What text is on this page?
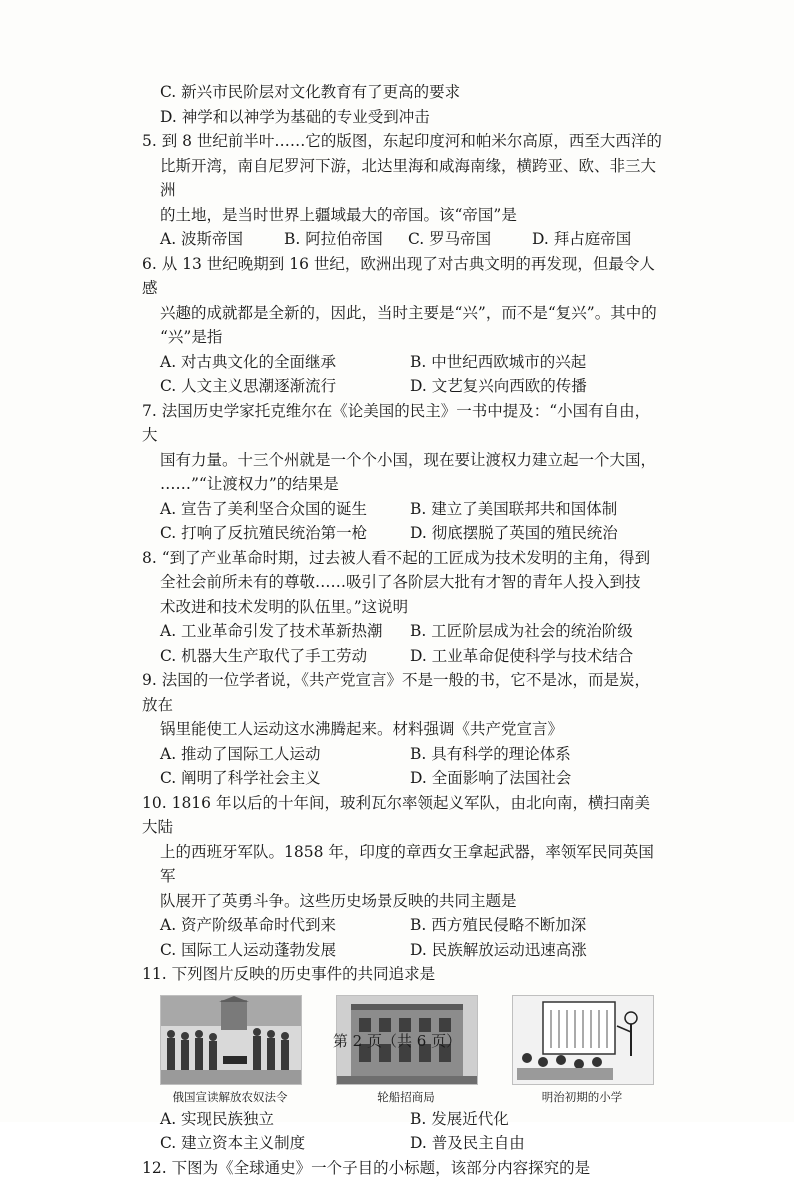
C. 新兴市民阶层对文化教育有了更高的要求
D. 神学和以神学为基础的专业受到冲击
5. 到 8 世纪前半叶……它的版图，东起印度河和帕米尔高原，西至大西洋的
比斯开湾，南自尼罗河下游，北达里海和咸海南缘，横跨亚、欧、非三大洲
的土地，是当时世界上疆域最大的帝国。该“帝国”是
A. 波斯帝国	B. 阿拉伯帝国	C. 罗马帝国	D. 拜占庭帝国
6. 从 13 世纪晚期到 16 世纪，欧洲出现了对古典文明的再发现，但最令人感
兴趣的成就都是全新的，因此，当时主要是“兴”，而不是“复兴”。其中的
“兴”是指
A. 对古典文化的全面继承	B. 中世纪西欧城市的兴起
C. 人文主义思潮逐渐流行	D. 文艺复兴向西欧的传播
7. 法国历史学家托克维尔在《论美国的民主》一书中提及：“小国有自由，大
国有力量。十三个州就是一个个小国，现在要让渡权力建立起一个大国，
……”“让渡权力”的结果是
A. 宣告了美利坚合众国的诞生	B. 建立了美国联邦共和国体制
C. 打响了反抗殖民统治第一枪	D. 彻底摆脱了英国的殖民统治
8. “到了产业革命时期，过去被人看不起的工匠成为技术发明的主角，得到
全社会前所未有的尊敬……吸引了各阶层大批有才智的青年人投入到技
术改进和技术发明的队伍里。”这说明
A. 工业革命引发了技术革新热潮	B. 工匠阶层成为社会的统治阶级
C. 机器大生产取代了手工劳动	D. 工业革命促使科学与技术结合
9. 法国的一位学者说，《共产党宣言》不是一般的书，它不是冰，而是炭，放在
锅里能使工人运动这水沸腾起来。材料强调《共产党宣言》
A. 推动了国际工人运动	B. 具有科学的理论体系
C. 阐明了科学社会主义	D. 全面影响了法国社会
10. 1816 年以后的十年间，玻利瓦尔率领起义军队，由北向南，横扫南美大陆
上的西班牙军队。1858 年，印度的章西女王拿起武器，率领军民同英国军
队展开了英勇斗争。这些历史场景反映的共同主题是
A. 资产阶级革命时代到来	B. 西方殖民侵略不断加深
C. 国际工人运动蓬勃发展	D. 民族解放运动迅速高涨
11. 下列图片反映的历史事件的共同追求是
俄国宣读解放农奴法令	轮船招商局	明治初期的小学
A. 实现民族独立	B. 发展近代化
C. 建立资本主义制度	D. 普及民主自由
12. 下图为《全球通史》一个子目的小标题，该部分内容探究的是
第 2 页（共 6 页）
